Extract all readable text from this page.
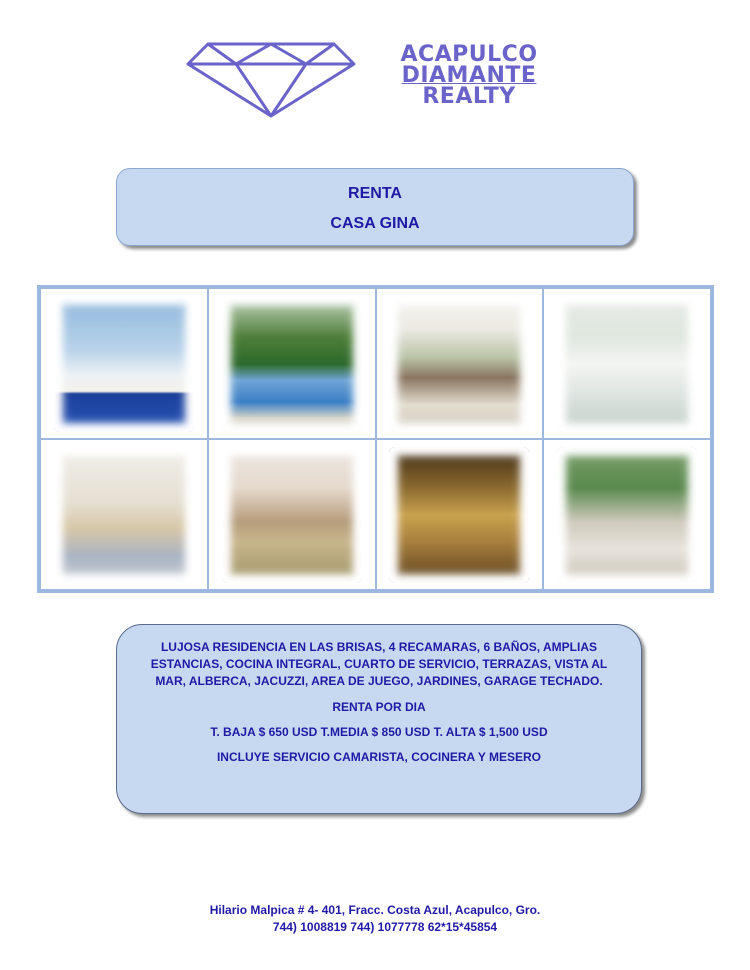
ACAPULCO
DIAMANTE
REALTY
RENTA
CASA GINA
LUJOSA RESIDENCIA EN LAS BRISAS, 4 RECAMARAS, 6 BAÑOS, AMPLIAS ESTANCIAS, COCINA INTEGRAL, CUARTO DE SERVICIO, TERRAZAS, VISTA AL MAR, ALBERCA, JACUZZI, AREA DE JUEGO, JARDINES, GARAGE TECHADO.
RENTA POR DIA
T. BAJA $ 650 USD T.MEDIA $ 850 USD T. ALTA $ 1,500 USD
INCLUYE SERVICIO CAMARISTA, COCINERA Y MESERO
Hilario Malpica # 4- 401, Fracc. Costa Azul, Acapulco, Gro.
744) 1008819 744) 1077778 62*15*45854
